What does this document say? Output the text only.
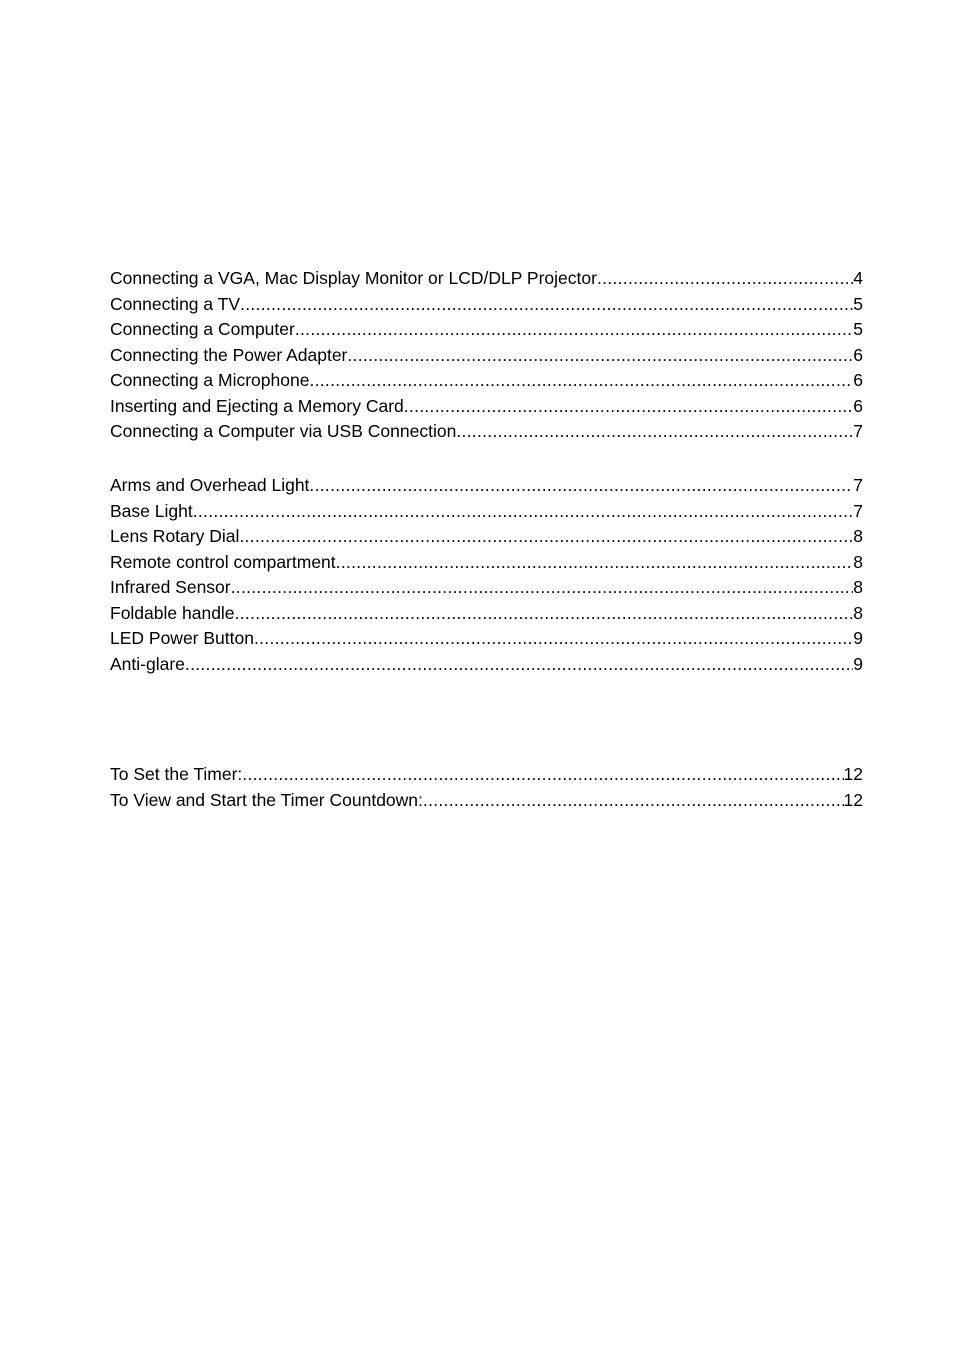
Connecting a VGA, Mac Display Monitor or LCD/DLP Projector .....	4
Connecting a TV .....	5
Connecting a Computer .....	5
Connecting the Power Adapter .....	6
Connecting a Microphone .....	6
Inserting and Ejecting a Memory Card .....	6
Connecting a Computer via USB Connection .....	7
Arms and Overhead Light .....	7
Base Light .....	7
Lens Rotary Dial .....	8
Remote control compartment .....	8
Infrared Sensor .....	8
Foldable handle .....	8
LED Power Button .....	9
Anti-glare .....	9
To Set the Timer: .....	12
To View and Start the Timer Countdown: .....	12
